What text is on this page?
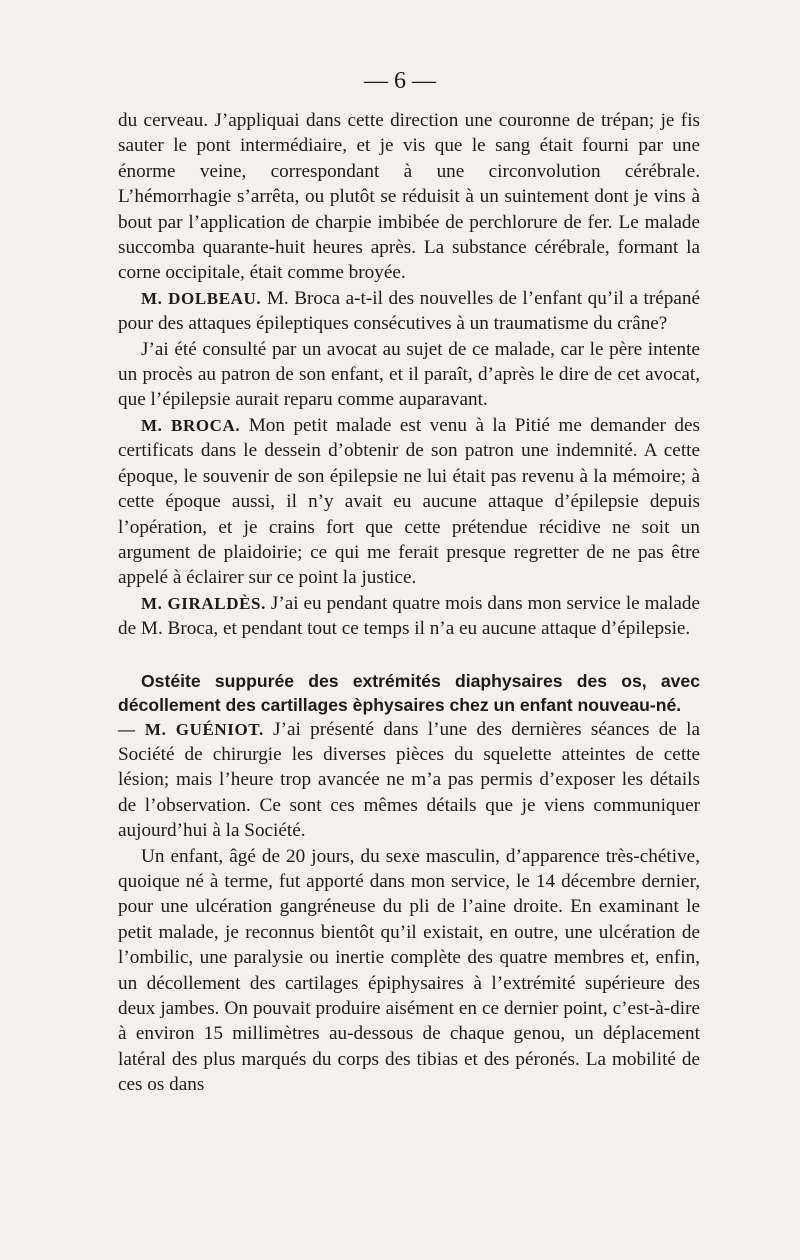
— 6 —

du cerveau. J’appliquai dans cette direction une couronne de trépan; je fis sauter le pont intermédiaire, et je vis que le sang était fourni par une énorme veine, correspondant à une circonvolution cérébrale. L’hémorrhagie s’arrêta, ou plutôt se réduisit à un suintement dont je vins à bout par l’application de charpie imbibée de perchlorure de fer. Le malade succomba quarante-huit heures après. La substance cérébrale, formant la corne occipitale, était comme broyée.

M. DOLBEAU. M. Broca a-t-il des nouvelles de l’enfant qu’il a trépané pour des attaques épileptiques consécutives à un traumatisme du crâne?

J’ai été consulté par un avocat au sujet de ce malade, car le père intente un procès au patron de son enfant, et il paraît, d’après le dire de cet avocat, que l’épilepsie aurait reparu comme auparavant.

M. BROCA. Mon petit malade est venu à la Pitié me demander des certificats dans le dessein d’obtenir de son patron une indemnité. A cette époque, le souvenir de son épilepsie ne lui était pas revenu à la mémoire; à cette époque aussi, il n’y avait eu aucune attaque d’épilepsie depuis l’opération, et je crains fort que cette prétendue récidive ne soit un argument de plaidoirie; ce qui me ferait presque regretter de ne pas être appelé à éclairer sur ce point la justice.

M. GIRALDÈS. J’ai eu pendant quatre mois dans mon service le malade de M. Broca, et pendant tout ce temps il n’a eu aucune attaque d’épilepsie.

Ostéite suppurée des extrémités diaphysaires des os, avec décollement des cartillages èphysaires chez un enfant nouveau-né.

— M. GUÉNIOT. J’ai présenté dans l’une des dernières séances de la Société de chirurgie les diverses pièces du squelette atteintes de cette lésion; mais l’heure trop avancée ne m’a pas permis d’exposer les détails de l’observation. Ce sont ces mêmes détails que je viens communiquer aujourd’hui à la Société.

Un enfant, âgé de 20 jours, du sexe masculin, d’apparence très-chétive, quoique né à terme, fut apporté dans mon service, le 14 décembre dernier, pour une ulcération gangréneuse du pli de l’aine droite. En examinant le petit malade, je reconnus bientôt qu’il existait, en outre, une ulcération de l’ombilic, une paralysie ou inertie complète des quatre membres et, enfin, un décollement des cartilages épiphysaires à l’extrémité supérieure des deux jambes. On pouvait produire aisément en ce dernier point, c’est-à-dire à environ 15 millimètres au-dessous de chaque genou, un déplacement latéral des plus marqués du corps des tibias et des péronés. La mobilité de ces os dans
